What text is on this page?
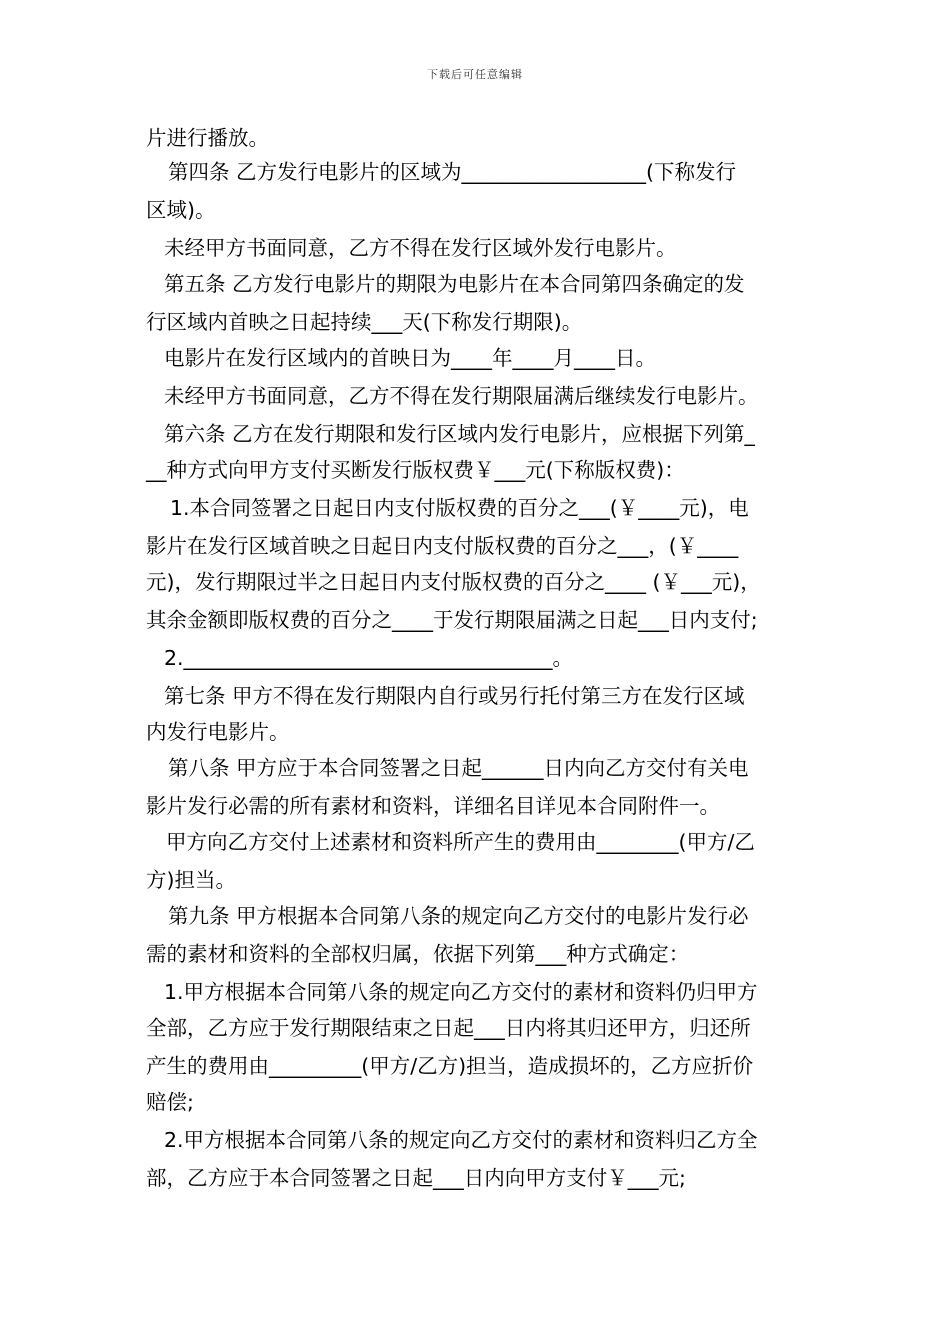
下载后可任意编辑
片进行播放。
第四条 乙方发行电影片的区域为__________________(下称发行
区域)。
未经甲方书面同意，乙方不得在发行区域外发行电影片。
第五条 乙方发行电影片的期限为电影片在本合同第四条确定的发
行区域内首映之日起持续___天(下称发行期限)。
电影片在发行区域内的首映日为____年____月____日。
未经甲方书面同意，乙方不得在发行期限届满后继续发行电影片。
第六条 乙方在发行期限和发行区域内发行电影片，应根据下列第_
__种方式向甲方支付买断发行版权费￥___元(下称版权费)：
1.本合同签署之日起日内支付版权费的百分之___(￥____元)，电
影片在发行区域首映之日起日内支付版权费的百分之___，(￥____
元)，发行期限过半之日起日内支付版权费的百分之____ (￥___元)，
其余金额即版权费的百分之____于发行期限届满之日起___日内支付;
2.____________________________________。
第七条 甲方不得在发行期限内自行或另行托付第三方在发行区域
内发行电影片。
第八条 甲方应于本合同签署之日起______日内向乙方交付有关电
影片发行必需的所有素材和资料，详细名目详见本合同附件一。
甲方向乙方交付上述素材和资料所产生的费用由________(甲方/乙
方)担当。
第九条 甲方根据本合同第八条的规定向乙方交付的电影片发行必
需的素材和资料的全部权归属，依据下列第___种方式确定：
1.甲方根据本合同第八条的规定向乙方交付的素材和资料仍归甲方
全部，乙方应于发行期限结束之日起___日内将其归还甲方，归还所
产生的费用由_________(甲方/乙方)担当，造成损坏的，乙方应折价
赔偿;
2.甲方根据本合同第八条的规定向乙方交付的素材和资料归乙方全
部，乙方应于本合同签署之日起___日内向甲方支付￥___元;
